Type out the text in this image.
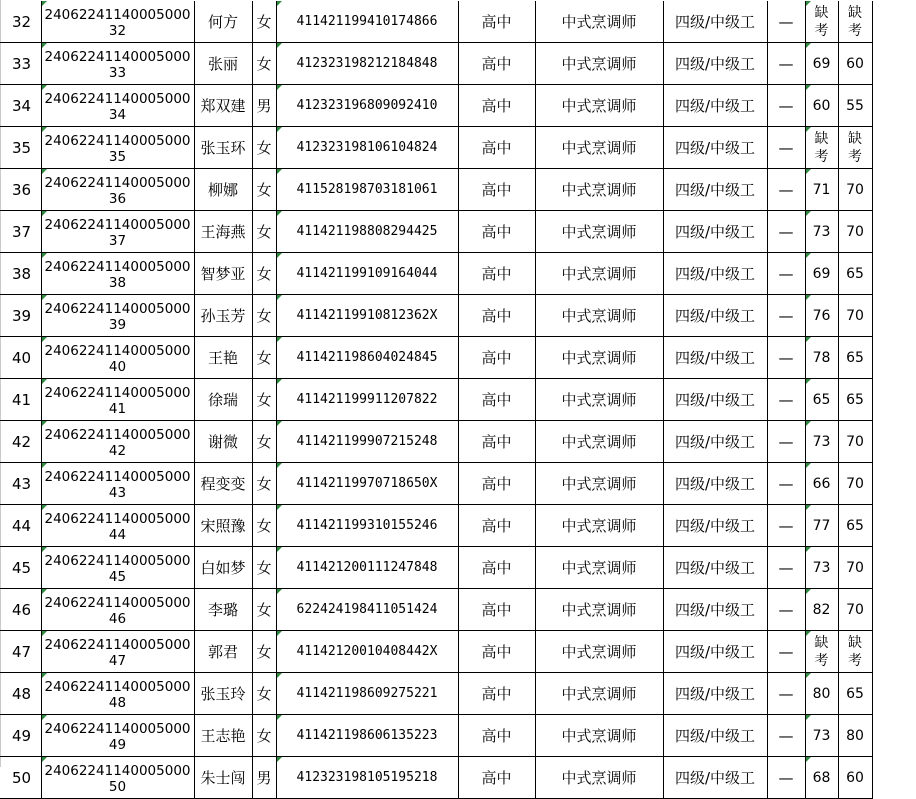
32	2406224114000500032	何方	女	411421199410174866	高中	中式烹调师	四级/中级工	—	缺考	缺考
33	2406224114000500033	张丽	女	412323198212184848	高中	中式烹调师	四级/中级工	—	69	60
34	2406224114000500034	郑双建	男	412323196809092410	高中	中式烹调师	四级/中级工	—	60	55
35	2406224114000500035	张玉环	女	412323198106104824	高中	中式烹调师	四级/中级工	—	缺考	缺考
36	2406224114000500036	柳娜	女	411528198703181061	高中	中式烹调师	四级/中级工	—	71	70
37	2406224114000500037	王海燕	女	411421198808294425	高中	中式烹调师	四级/中级工	—	73	70
38	2406224114000500038	智梦亚	女	411421199109164044	高中	中式烹调师	四级/中级工	—	69	65
39	2406224114000500039	孙玉芳	女	41142119910812362X	高中	中式烹调师	四级/中级工	—	76	70
40	2406224114000500040	王艳	女	411421198604024845	高中	中式烹调师	四级/中级工	—	78	65
41	2406224114000500041	徐瑞	女	411421199911207822	高中	中式烹调师	四级/中级工	—	65	65
42	2406224114000500042	谢微	女	411421199907215248	高中	中式烹调师	四级/中级工	—	73	70
43	2406224114000500043	程变变	女	41142119970718650X	高中	中式烹调师	四级/中级工	—	66	70
44	2406224114000500044	宋照豫	女	411421199310155246	高中	中式烹调师	四级/中级工	—	77	65
45	2406224114000500045	白如梦	女	411421200111247848	高中	中式烹调师	四级/中级工	—	73	70
46	2406224114000500046	李璐	女	622424198411051424	高中	中式烹调师	四级/中级工	—	82	70
47	2406224114000500047	郭君	女	41142120010408442X	高中	中式烹调师	四级/中级工	—	缺考	缺考
48	2406224114000500048	张玉玲	女	411421198609275221	高中	中式烹调师	四级/中级工	—	80	65
49	2406224114000500049	王志艳	女	411421198606135223	高中	中式烹调师	四级/中级工	—	73	80
50	2406224114000500050	朱士闯	男	412323198105195218	高中	中式烹调师	四级/中级工	—	68	60
